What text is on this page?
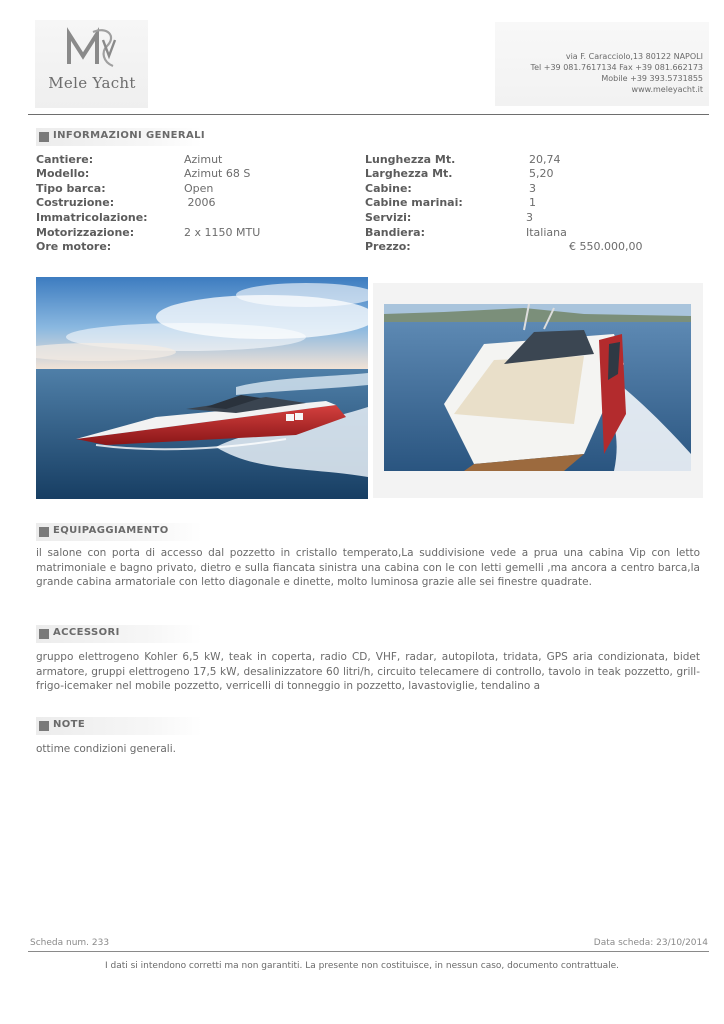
Mele Yacht
via F. Caracciolo,13 80122 NAPOLI
Tel +39 081.7617134 Fax +39 081.662173
Mobile +39 393.5731855
www.meleyacht.it
INFORMAZIONI GENERALI
Cantiere:	Azimut
Modello:	Azimut 68 S
Tipo barca:	Open
Costruzione:	2006
Immatricolazione:
Motorizzazione:	2 x 1150 MTU
Ore motore:
Lunghezza Mt.	20,74
Larghezza Mt.	5,20
Cabine:	3
Cabine marinai:	1
Servizi:	3
Bandiera:	Italiana
Prezzo:	€ 550.000,00
EQUIPAGGIAMENTO
il salone con porta di accesso dal pozzetto in cristallo temperato,La suddivisione vede a prua una cabina Vip con letto matrimoniale e bagno privato, dietro e sulla fiancata sinistra una cabina con le con letti gemelli ,ma ancora a centro barca,la grande cabina armatoriale con letto diagonale e dinette, molto luminosa grazie alle sei finestre quadrate.
ACCESSORI
gruppo elettrogeno Kohler 6,5 kW, teak in coperta, radio CD, VHF, radar, autopilota, tridata, GPS aria condizionata, bidet armatore, gruppi elettrogeno 17,5 kW, desalinizzatore 60 litri/h, circuito telecamere di controllo, tavolo in teak pozzetto, grill-frigo-icemaker nel mobile pozzetto, verricelli di tonneggio in pozzetto, lavastoviglie, tendalino a
NOTE
ottime condizioni generali.
Scheda num. 233	Data scheda: 23/10/2014
I dati si intendono corretti ma non garantiti. La presente non costituisce, in nessun caso, documento contrattuale.
